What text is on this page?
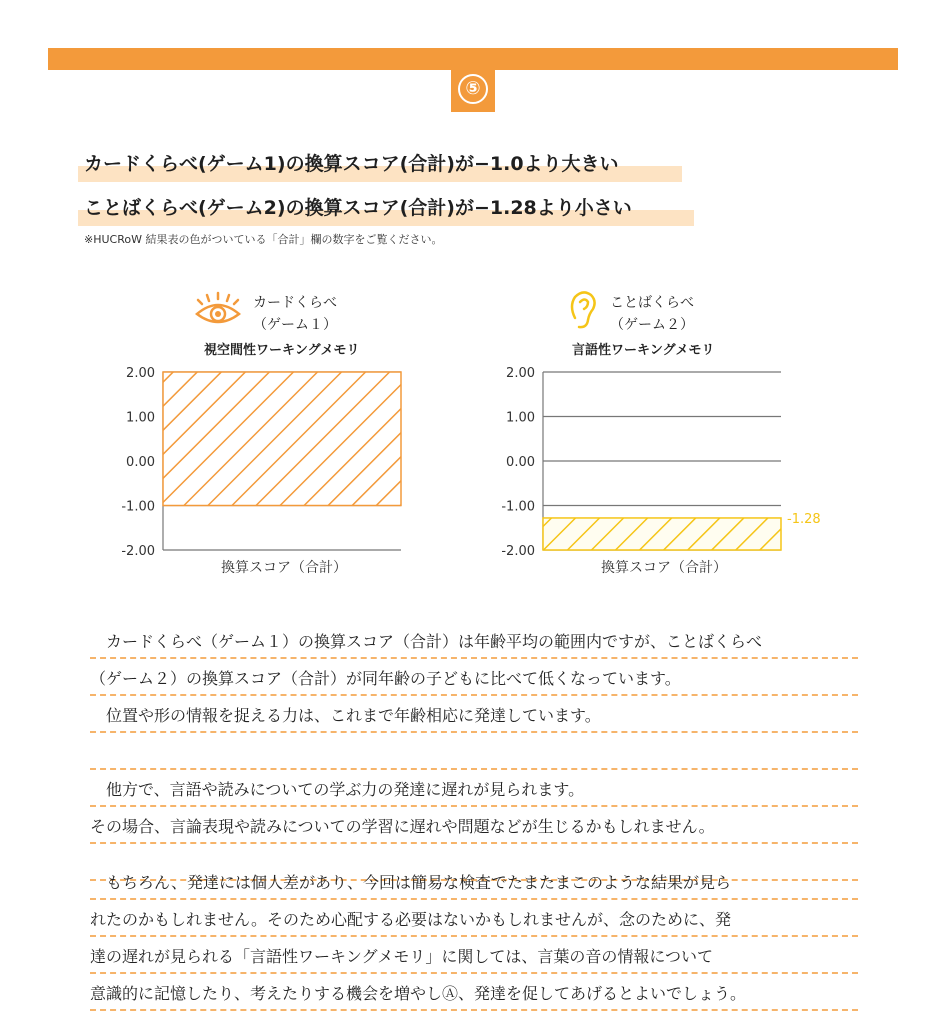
⑤
カードくらべ(ゲーム1)の換算スコア(合計)が−1.0より大きい
ことばくらべ(ゲーム2)の換算スコア(合計)が−1.28より小さい
※HUCRoW 結果表の色がついている「合計」欄の数字をご覧ください。
カードくらべ
（ゲーム１）
視空間性ワーキングメモリ
ことばくらべ
（ゲーム２）
言語性ワーキングメモリ
2.00
1.00
0.00
-1.00
-2.00
換算スコア（合計）
2.00
1.00
0.00
-1.00
-2.00
-1.28
換算スコア（合計）
　カードくらべ（ゲーム１）の換算スコア（合計）は年齢平均の範囲内ですが、ことばくらべ
（ゲーム２）の換算スコア（合計）が同年齢の子どもに比べて低くなっています。
　位置や形の情報を捉える力は、これまで年齢相応に発達しています。
　他方で、言語や読みについての学ぶ力の発達に遅れが見られます。
その場合、言論表現や読みについての学習に遅れや問題などが生じるかもしれません。
　もちろん、発達には個人差があり、今回は簡易な検査でたまたまこのような結果が見ら
れたのかもしれません。そのため心配する必要はないかもしれませんが、念のために、発
達の遅れが見られる「言語性ワーキングメモリ」に関しては、言葉の音の情報について
意識的に記憶したり、考えたりする機会を増やしⒶ、発達を促してあげるとよいでしょう。
